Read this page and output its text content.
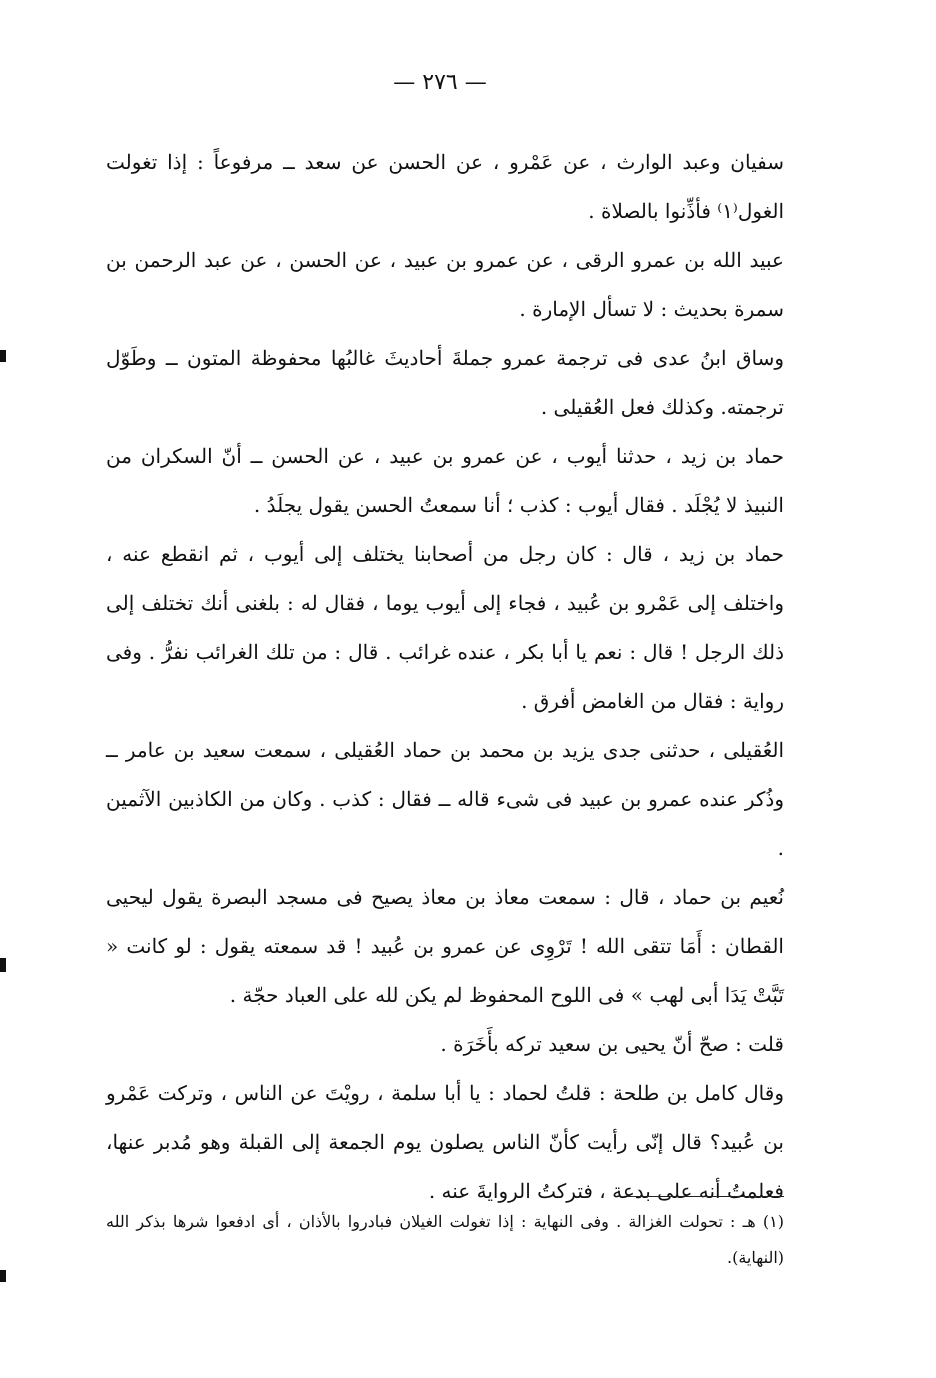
— ٢٧٦ —

سفيان وعبد الوارث ، عن عَمْرو ، عن الحسن عن سعد ــ مرفوعاً : إذا تغولت الغول⁽١⁾ فأذِّنوا بالصلاة .

عبيد الله بن عمرو الرقى ، عن عمرو بن عبيد ، عن الحسن ، عن عبد الرحمن بن سمرة بحديث : لا تسأل الإمارة .

وساق ابنُ عدى فى ترجمة عمرو جملةَ أحاديثَ غالبُها محفوظة المتون ــ وطَوّل ترجمته. وكذلك فعل العُقيلى .

حماد بن زيد ، حدثنا أيوب ، عن عمرو بن عبيد ، عن الحسن ــ أنّ السكران من النبيذ لا يُجْلَد . فقال أيوب : كذب ؛ أنا سمعتُ الحسن يقول يجلَدُ .

حماد بن زيد ، قال : كان رجل من أصحابنا يختلف إلى أيوب ، ثم انقطع عنه ، واختلف إلى عَمْرو بن عُبيد ، فجاء إلى أيوب يوما ، فقال له : بلغنى أنك تختلف إلى ذلك الرجل ! قال : نعم يا أبا بكر ، عنده غرائب . قال : من تلك الغرائب نفرُّ . وفى رواية : فقال من الغامض أفرق .

العُقيلى ، حدثنى جدى يزيد بن محمد بن حماد العُقيلى ، سمعت سعيد بن عامر ــ وذُكر عنده عمرو بن عبيد فى شىء قاله ــ فقال : كذب . وكان من الكاذبين الآثمين .

نُعيم بن حماد ، قال : سمعت معاذ بن معاذ يصيح فى مسجد البصرة يقول ليحيى القطان : أَمَا تتقى الله ! تَرْوِى عن عمرو بن عُبيد ! قد سمعته يقول : لو كانت « تَبَّتْ يَدَا أبى لهب » فى اللوح المحفوظ لم يكن لله على العباد حجّة .

قلت : صحّ أنّ يحيى بن سعيد تركه بأَخَرَة .

وقال كامل بن طلحة : قلتُ لحماد : يا أبا سلمة ، رويْتَ عن الناس ، وتركت عَمْرو بن عُبيد؟ قال إنّى رأيت كأنّ الناس يصلون يوم الجمعة إلى القبلة وهو مُدبر عنها، فعلمتُ أنه على بدعة ، فتركتُ الروايةَ عنه .

(١) هـ : تحولت الغزالة . وفى النهاية : إذا تغولت الغيلان فبادروا بالأذان ، أى ادفعوا شرها بذكر الله (النهاية).
